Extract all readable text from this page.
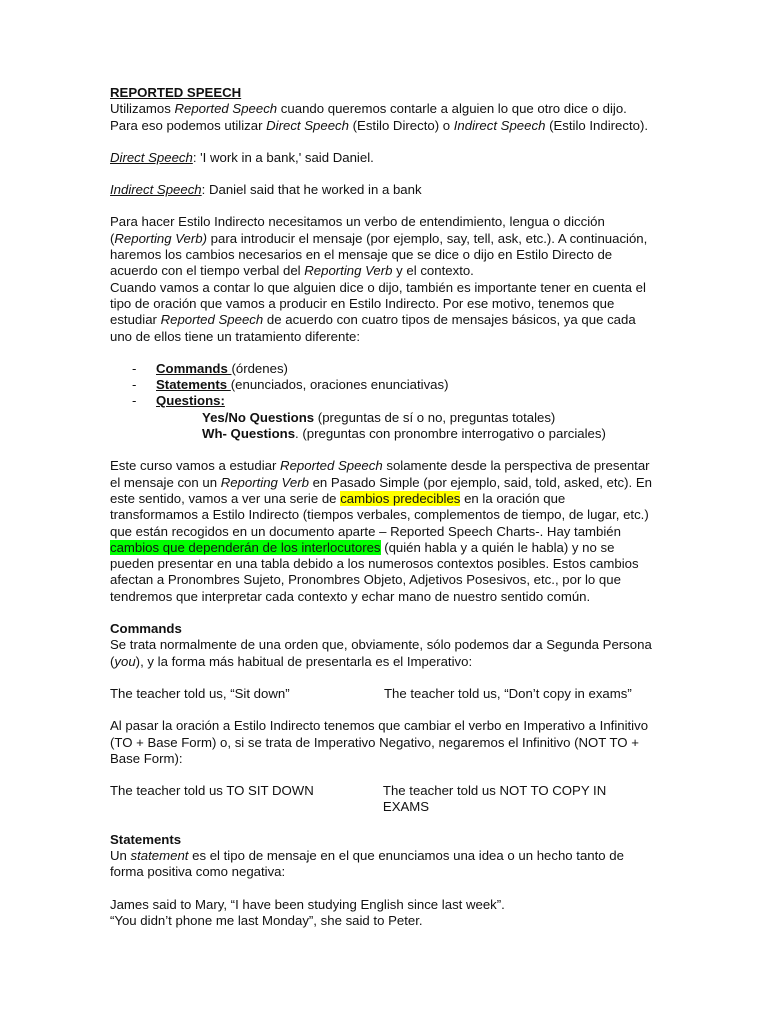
REPORTED SPEECH

Utilizamos Reported Speech cuando queremos contarle a alguien lo que otro dice o dijo. Para eso podemos utilizar Direct Speech (Estilo Directo) o Indirect Speech (Estilo Indirecto).

Direct Speech: 'I work in a bank,' said Daniel.

Indirect Speech: Daniel said that he worked in a bank

Para hacer Estilo Indirecto necesitamos un verbo de entendimiento, lengua o dicción (Reporting Verb) para introducir el mensaje (por ejemplo, say, tell, ask, etc.). A continuación, haremos los cambios necesarios en el mensaje que se dice o dijo en Estilo Directo de acuerdo con el tiempo verbal del Reporting Verb y el contexto.

Cuando vamos a contar lo que alguien dice o dijo, también es importante tener en cuenta el tipo de oración que vamos a producir en Estilo Indirecto. Por ese motivo, tenemos que estudiar Reported Speech de acuerdo con cuatro tipos de mensajes básicos, ya que cada uno de ellos tiene un tratamiento diferente:

- Commands (órdenes)
- Statements (enunciados, oraciones enunciativas)
- Questions:

Yes/No Questions (preguntas de sí o no, preguntas totales)

Wh- Questions. (preguntas con pronombre interrogativo o parciales)

Este curso vamos a estudiar Reported Speech solamente desde la perspectiva de presentar el mensaje con un Reporting Verb en Pasado Simple (por ejemplo, said, told, asked, etc). En este sentido, vamos a ver una serie de cambios predecibles en la oración que transformamos a Estilo Indirecto (tiempos verbales, complementos de tiempo, de lugar, etc.) que están recogidos en un documento aparte – Reported Speech Charts-. Hay también cambios que dependerán de los interlocutores (quién habla y a quién le habla) y no se pueden presentar en una tabla debido a los numerosos contextos posibles. Estos cambios afectan a Pronombres Sujeto, Pronombres Objeto, Adjetivos Posesivos, etc., por lo que tendremos que interpretar cada contexto y echar mano de nuestro sentido común.

Commands

Se trata normalmente de una orden que, obviamente, sólo podemos dar a Segunda Persona (you), y la forma más habitual de presentarla es el Imperativo:

The teacher told us, “Sit down”	The teacher told us, “Don’t copy in exams”

Al pasar la oración a Estilo Indirecto tenemos que cambiar el verbo en Imperativo a Infinitivo (TO + Base Form) o, si se trata de Imperativo Negativo, negaremos el Infinitivo (NOT TO + Base Form):

The teacher told us TO SIT DOWN	The teacher told us NOT TO COPY IN EXAMS

Statements

Un statement es el tipo de mensaje en el que enunciamos una idea o un hecho tanto de forma positiva como negativa:

James said to Mary, “I have been studying English since last week”.

“You didn’t phone me last Monday”, she said to Peter.
